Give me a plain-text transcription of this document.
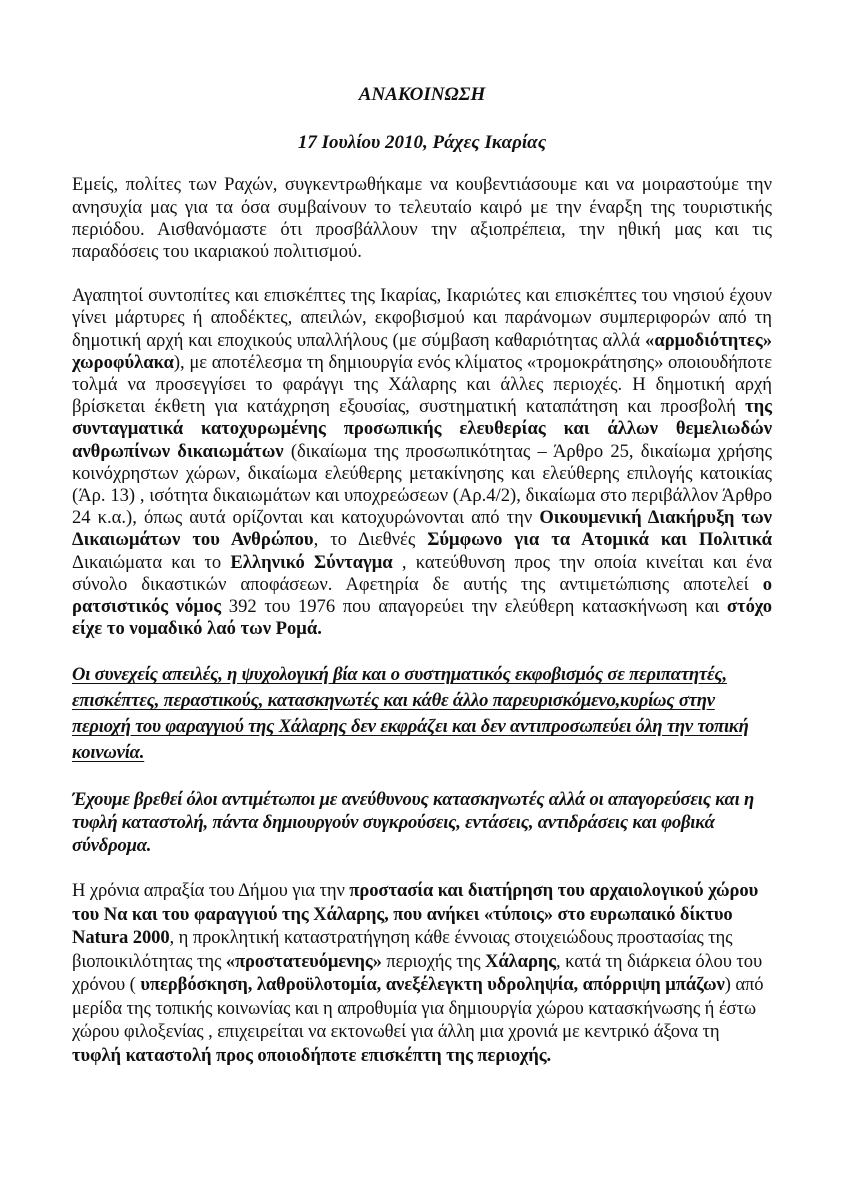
ΑΝΑΚΟΙΝΩΣΗ
17 Ιουλίου 2010, Ράχες Ικαρίας

Εμείς, πολίτες των Ραχών, συγκεντρωθήκαμε να κουβεντιάσουμε και να μοιραστούμε την ανησυχία μας για τα όσα συμβαίνουν το τελευταίο καιρό με την έναρξη της τουριστικής περιόδου. Αισθανόμαστε ότι προσβάλλουν την αξιοπρέπεια, την ηθική μας και τις παραδόσεις του ικαριακού πολιτισμού.

Αγαπητοί συντοπίτες και επισκέπτες της Ικαρίας, Ικαριώτες και επισκέπτες του νησιού έχουν γίνει μάρτυρες ή αποδέκτες, απειλών, εκφοβισμού και παράνομων συμπεριφορών από τη δημοτική αρχή και εποχικούς υπαλλήλους (με σύμβαση καθαριότητας αλλά «αρμοδιότητες» χωροφύλακα), με αποτέλεσμα τη δημιουργία ενός κλίματος «τρομοκράτησης» οποιουδήποτε τολμά να προσεγγίσει το φαράγγι της Χάλαρης και άλλες περιοχές. Η δημοτική αρχή βρίσκεται έκθετη για κατάχρηση εξουσίας, συστηματική καταπάτηση και προσβολή της συνταγματικά κατοχυρωμένης προσωπικής ελευθερίας και άλλων θεμελιωδών ανθρωπίνων δικαιωμάτων (δικαίωμα της προσωπικότητας – Άρθρο 25, δικαίωμα χρήσης κοινόχρηστων χώρων, δικαίωμα ελεύθερης μετακίνησης και ελεύθερης επιλογής κατοικίας (Άρ. 13) , ισότητα δικαιωμάτων και υποχρεώσεων (Αρ.4/2), δικαίωμα στο περιβάλλον Άρθρο 24 κ.α.), όπως αυτά ορίζονται και κατοχυρώνονται από την Οικουμενική Διακήρυξη των Δικαιωμάτων του Ανθρώπου, το Διεθνές Σύμφωνο για τα Ατομικά και Πολιτικά Δικαιώματα και το Ελληνικό Σύνταγμα , κατεύθυνση προς την οποία κινείται και ένα σύνολο δικαστικών αποφάσεων. Αφετηρία δε αυτής της αντιμετώπισης αποτελεί ο ρατσιστικός νόμος 392 του 1976 που απαγορεύει την ελεύθερη κατασκήνωση και στόχο είχε το νομαδικό λαό των Ρομά.

Οι συνεχείς απειλές, η ψυχολογική βία και ο συστηματικός εκφοβισμός σε περιπατητές, επισκέπτες, περαστικούς, κατασκηνωτές και κάθε άλλο παρευρισκόμενο,κυρίως στην περιοχή του φαραγγιού της Χάλαρης δεν εκφράζει και δεν αντιπροσωπεύει όλη την τοπική κοινωνία.

Έχουμε βρεθεί όλοι αντιμέτωποι με ανεύθυνους κατασκηνωτές αλλά οι απαγορεύσεις και η τυφλή καταστολή, πάντα δημιουργούν συγκρούσεις, εντάσεις, αντιδράσεις και φοβικά σύνδρομα.

Η χρόνια απραξία του Δήμου για την προστασία και διατήρηση του αρχαιολογικού χώρου του Να και του φαραγγιού της Χάλαρης, που ανήκει «τύποις» στο ευρωπαικό δίκτυο Natura 2000, η προκλητική καταστρατήγηση κάθε έννοιας στοιχειώδους προστασίας της βιοποικιλότητας της «προστατευόμενης» περιοχής της Χάλαρης, κατά τη διάρκεια όλου του χρόνου ( υπερβόσκηση, λαθροϋλοτομία, ανεξέλεγκτη υδροληψία, απόρριψη μπάζων) από μερίδα της τοπικής κοινωνίας και η απροθυμία για δημιουργία χώρου κατασκήνωσης ή έστω χώρου φιλοξενίας , επιχειρείται να εκτονωθεί για άλλη μια χρονιά με κεντρικό άξονα τη τυφλή καταστολή προς οποιοδήποτε επισκέπτη της περιοχής.
